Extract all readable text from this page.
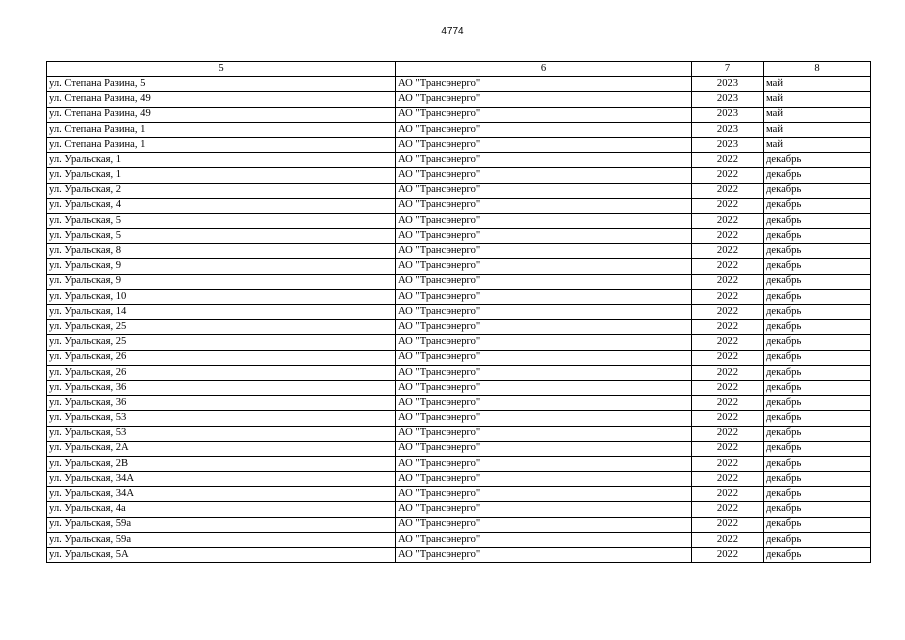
4774
5	6	7	8
ул. Степана Разина, 5	АО "Трансэнерго"	2023	май
ул. Степана Разина, 49	АО "Трансэнерго"	2023	май
ул. Степана Разина, 49	АО "Трансэнерго"	2023	май
ул. Степана Разина, 1	АО "Трансэнерго"	2023	май
ул. Степана Разина, 1	АО "Трансэнерго"	2023	май
ул. Уральская, 1	АО "Трансэнерго"	2022	декабрь
ул. Уральская, 1	АО "Трансэнерго"	2022	декабрь
ул. Уральская, 2	АО "Трансэнерго"	2022	декабрь
ул. Уральская, 4	АО "Трансэнерго"	2022	декабрь
ул. Уральская, 5	АО "Трансэнерго"	2022	декабрь
ул. Уральская, 5	АО "Трансэнерго"	2022	декабрь
ул. Уральская, 8	АО "Трансэнерго"	2022	декабрь
ул. Уральская, 9	АО "Трансэнерго"	2022	декабрь
ул. Уральская, 9	АО "Трансэнерго"	2022	декабрь
ул. Уральская, 10	АО "Трансэнерго"	2022	декабрь
ул. Уральская, 14	АО "Трансэнерго"	2022	декабрь
ул. Уральская, 25	АО "Трансэнерго"	2022	декабрь
ул. Уральская, 25	АО "Трансэнерго"	2022	декабрь
ул. Уральская, 26	АО "Трансэнерго"	2022	декабрь
ул. Уральская, 26	АО "Трансэнерго"	2022	декабрь
ул. Уральская, 36	АО "Трансэнерго"	2022	декабрь
ул. Уральская, 36	АО "Трансэнерго"	2022	декабрь
ул. Уральская, 53	АО "Трансэнерго"	2022	декабрь
ул. Уральская, 53	АО "Трансэнерго"	2022	декабрь
ул. Уральская, 2А	АО "Трансэнерго"	2022	декабрь
ул. Уральская, 2В	АО "Трансэнерго"	2022	декабрь
ул. Уральская, 34А	АО "Трансэнерго"	2022	декабрь
ул. Уральская, 34А	АО "Трансэнерго"	2022	декабрь
ул. Уральская, 4а	АО "Трансэнерго"	2022	декабрь
ул. Уральская, 59а	АО "Трансэнерго"	2022	декабрь
ул. Уральская, 59а	АО "Трансэнерго"	2022	декабрь
ул. Уральская, 5А	АО "Трансэнерго"	2022	декабрь
